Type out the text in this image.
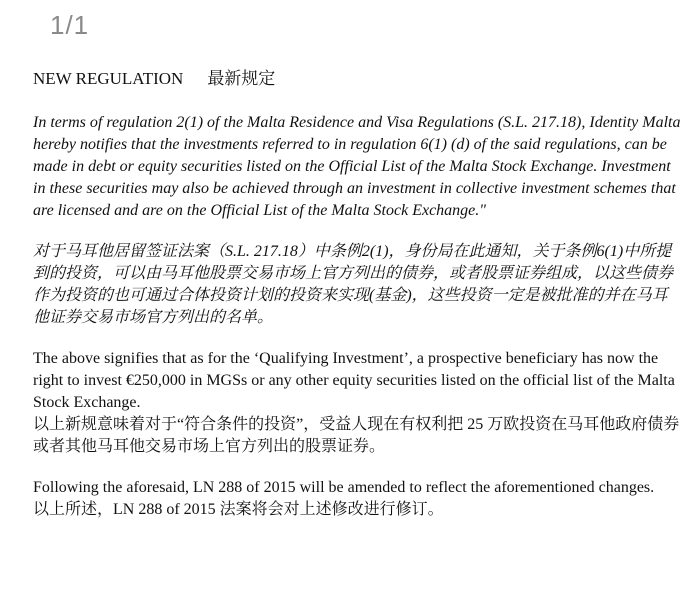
1/1
NEW REGULATION 最新规定

In terms of regulation 2(1) of the Malta Residence and Visa Regulations (S.L. 217.18), Identity Malta hereby notifies that the investments referred to in regulation 6(1) (d) of the said regulations, can be made in debt or equity securities listed on the Official List of the Malta Stock Exchange. Investment in these securities may also be achieved through an investment in collective investment schemes that are licensed and are on the Official List of the Malta Stock Exchange."

对于马耳他居留签证法案（S.L. 217.18）中条例2(1)，身份局在此通知，关于条例6(1)中所提到的投资，可以由马耳他股票交易市场上官方列出的债券，或者股票证券组成，以这些债券作为投资的也可通过合体投资计划的投资来实现(基金)，这些投资一定是被批准的并在马耳他证券交易市场官方列出的名单。

The above signifies that as for the ‘Qualifying Investment’, a prospective beneficiary has now the right to invest €250,000 in MGSs or any other equity securities listed on the official list of the Malta Stock Exchange.
以上新规意味着对于“符合条件的投资”，受益人现在有权利把 25 万欧投资在马耳他政府债券或者其他马耳他交易市场上官方列出的股票证券。
Following the aforesaid, LN 288 of 2015 will be amended to reflect the aforementioned changes.
以上所述，LN 288 of 2015 法案将会对上述修改进行修订。
